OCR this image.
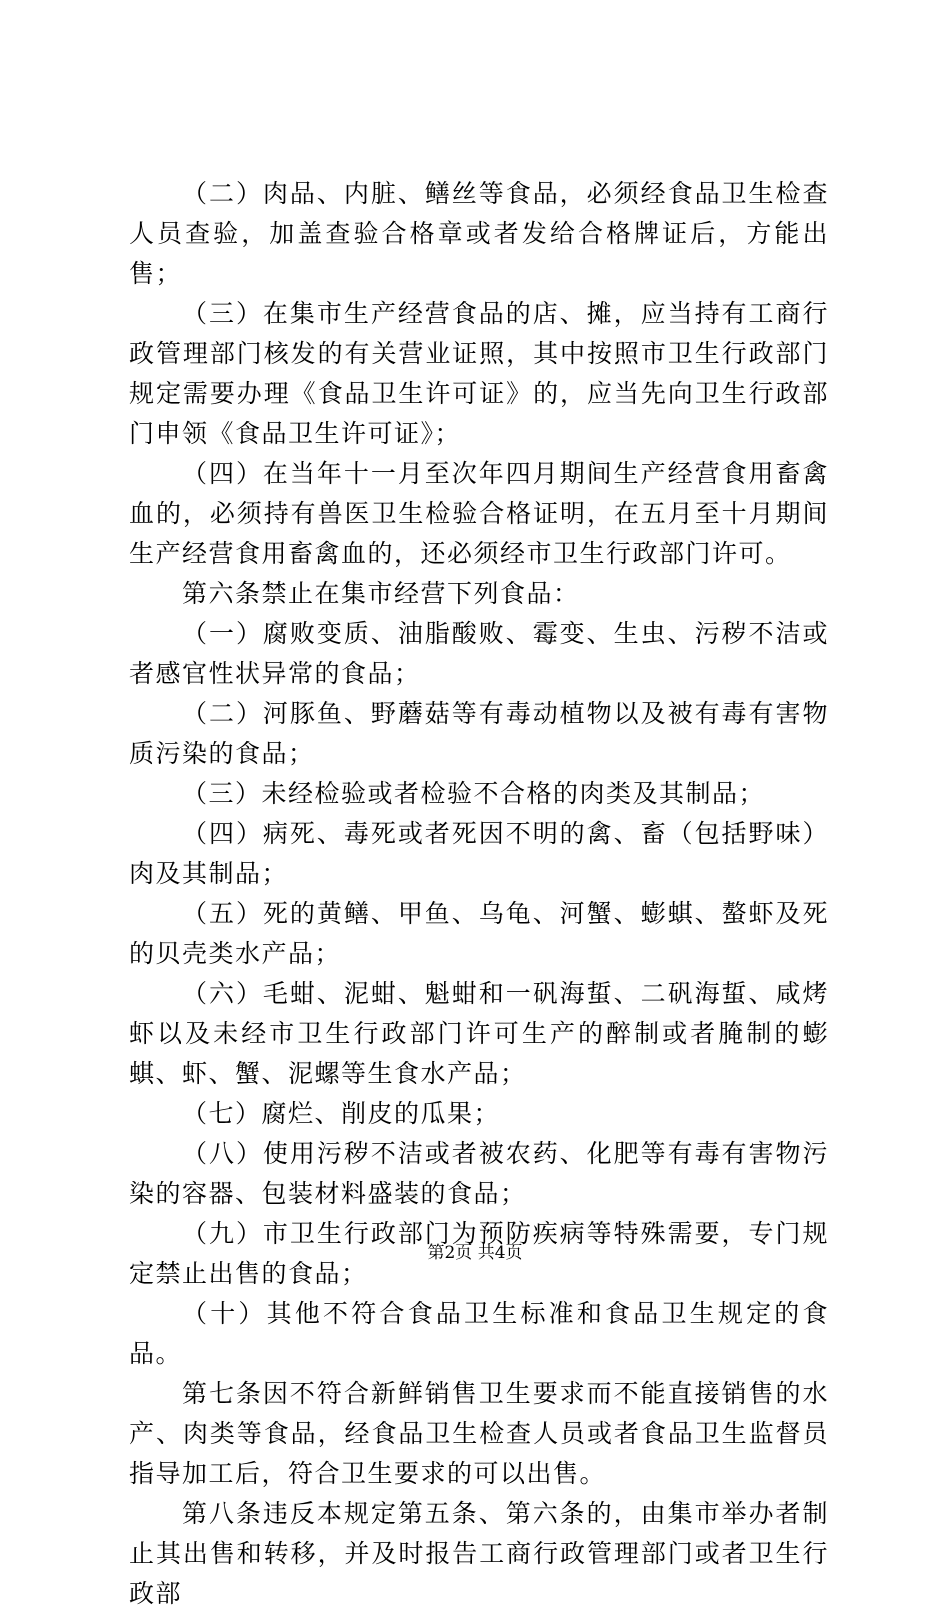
（二）肉品、内脏、鳝丝等食品，必须经食品卫生检查人员查验，加盖查验合格章或者发给合格牌证后，方能出售；

（三）在集市生产经营食品的店、摊，应当持有工商行政管理部门核发的有关营业证照，其中按照市卫生行政部门规定需要办理《食品卫生许可证》的，应当先向卫生行政部门申领《食品卫生许可证》；

（四）在当年十一月至次年四月期间生产经营食用畜禽血的，必须持有兽医卫生检验合格证明，在五月至十月期间生产经营食用畜禽血的，还必须经市卫生行政部门许可。

第六条禁止在集市经营下列食品：

（一）腐败变质、油脂酸败、霉变、生虫、污秽不洁或者感官性状异常的食品；

（二）河豚鱼、野蘑菇等有毒动植物以及被有毒有害物质污染的食品；

（三）未经检验或者检验不合格的肉类及其制品；

（四）病死、毒死或者死因不明的禽、畜（包括野味）肉及其制品；

（五）死的黄鳝、甲鱼、乌龟、河蟹、蟛蜞、螯虾及死的贝壳类水产品；

（六）毛蚶、泥蚶、魁蚶和一矾海蜇、二矾海蜇、咸烤虾以及未经市卫生行政部门许可生产的醉制或者腌制的蟛蜞、虾、蟹、泥螺等生食水产品；

（七）腐烂、削皮的瓜果；

（八）使用污秽不洁或者被农药、化肥等有毒有害物污染的容器、包装材料盛装的食品；

（九）市卫生行政部门为预防疾病等特殊需要，专门规定禁止出售的食品；

（十）其他不符合食品卫生标准和食品卫生规定的食品。

第七条因不符合新鲜销售卫生要求而不能直接销售的水产、肉类等食品，经食品卫生检查人员或者食品卫生监督员指导加工后，符合卫生要求的可以出售。

第八条违反本规定第五条、第六条的，由集市举办者制止其出售和转移，并及时报告工商行政管理部门或者卫生行政部

第2页 共4页
